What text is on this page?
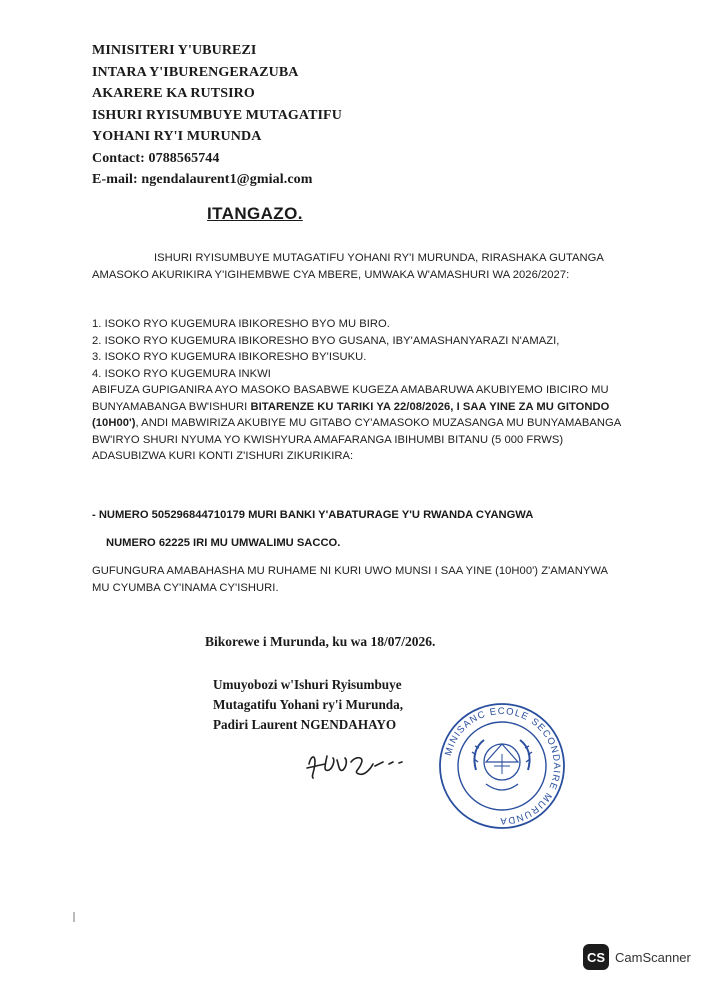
MINISITERI Y'UBUREZI
INTARA Y'IBURENGERAZUBA
AKARERE KA RUTSIRO
ISHURI RYISUMBUYE MUTAGATIFU
YOHANI RY'I MURUNDA
Contact: 0788565744
E-mail: ngendalaurent1@gmial.com
ITANGAZO.
ISHURI RYISUMBUYE MUTAGATIFU YOHANI RY'I MURUNDA, RIRASHAKA GUTANGA AMASOKO AKURIKIRA Y'IGIHEMBWE CYA MBERE, UMWAKA W'AMASHURI WA 2026/2027:
1. ISOKO RYO KUGEMURA IBIKORESHO BYO MU BIRO.
2. ISOKO RYO KUGEMURA IBIKORESHO BYO GUSANA, IBY'AMASHANYARAZI N'AMAZI,
3. ISOKO RYO KUGEMURA IBIKORESHO BY'ISUKU.
4. ISOKO RYO KUGEMURA INKWI
ABIFUZA GUPIGANIRA AYO MASOKO BASABWE KUGEZA AMABARUWA AKUBIYEMO IBICIRO MU BUNYAMABANGA BW'ISHURI BITARENZE KU TARIKI YA 22/08/2026, I SAA YINE ZA MU GITONDO (10H00'), ANDI MABWIRIZA AKUBIYE MU GITABO CY'AMASOKO MUZASANGA MU BUNYAMABANGA BW'IRYO SHURI NYUMA YO KWISHYURA AMAFARANGA IBIHUMBI BITANU (5 000 FRWS) ADASUBIZWA KURI KONTI Z'ISHURI ZIKURIKIRA:
- NUMERO 505296844710179 MURI BANKI Y'ABATURAGE Y'U RWANDA CYANGWA
NUMERO 62225 IRI MU UMWALIMU SACCO.
GUFUNGURA AMABAHASHA MU RUHAME NI KURI UWO MUNSI I SAA YINE (10H00') Z'AMANYWA MU CYUMBA CY'INAMA CY'ISHURI.
Bikorewe i Murunda, ku wa 18/07/2026.
Umuyobozi w'Ishuri Ryisumbuye
Mutagatifu Yohani ry'i Murunda,
Padiri Laurent NGENDAHAYO
MINISANC ECOLE SECONDAIRE MURUNDA
CS CamScanner
